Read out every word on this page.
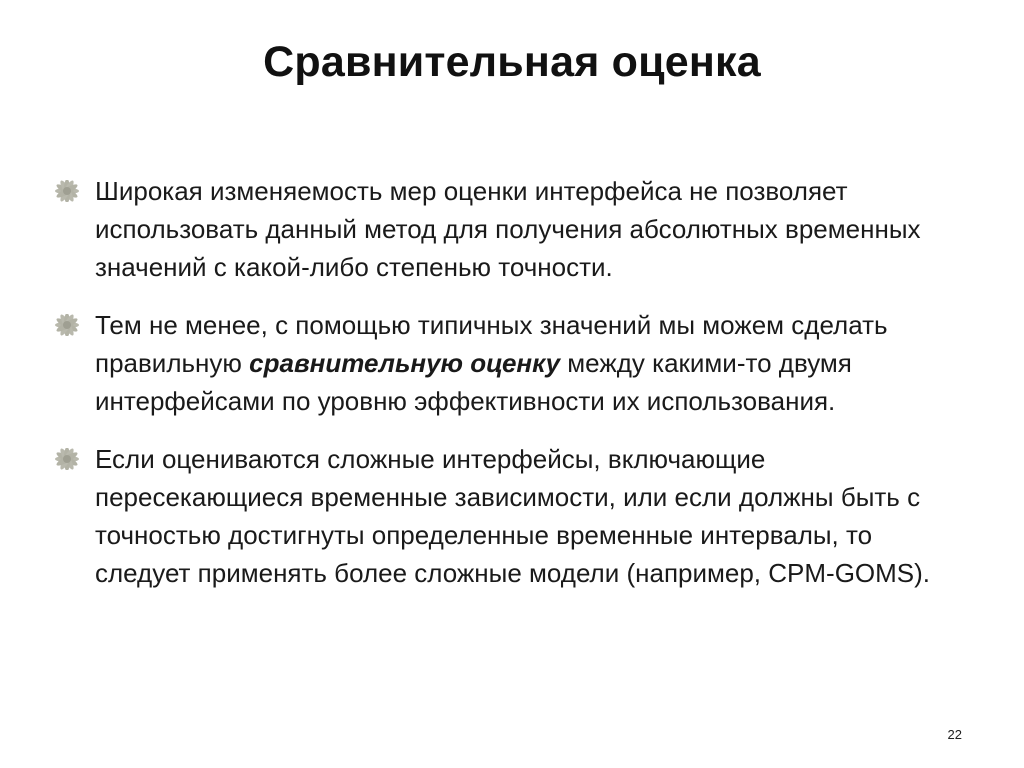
Сравнительная оценка
Широкая изменяемость мер оценки интерфейса не позволяет использовать данный метод для получения абсолютных временных значений с какой-либо степенью точности.
Тем не менее, с помощью типичных значений мы можем сделать правильную сравнительную оценку между какими-то двумя интерфейсами по уровню эффективности их использования.
Если оцениваются сложные интерфейсы, включающие пересекающиеся временные зависимости, или если должны быть с точностью достигнуты определенные временные интервалы, то следует применять более сложные модели (например, CPM-GOMS).
22
